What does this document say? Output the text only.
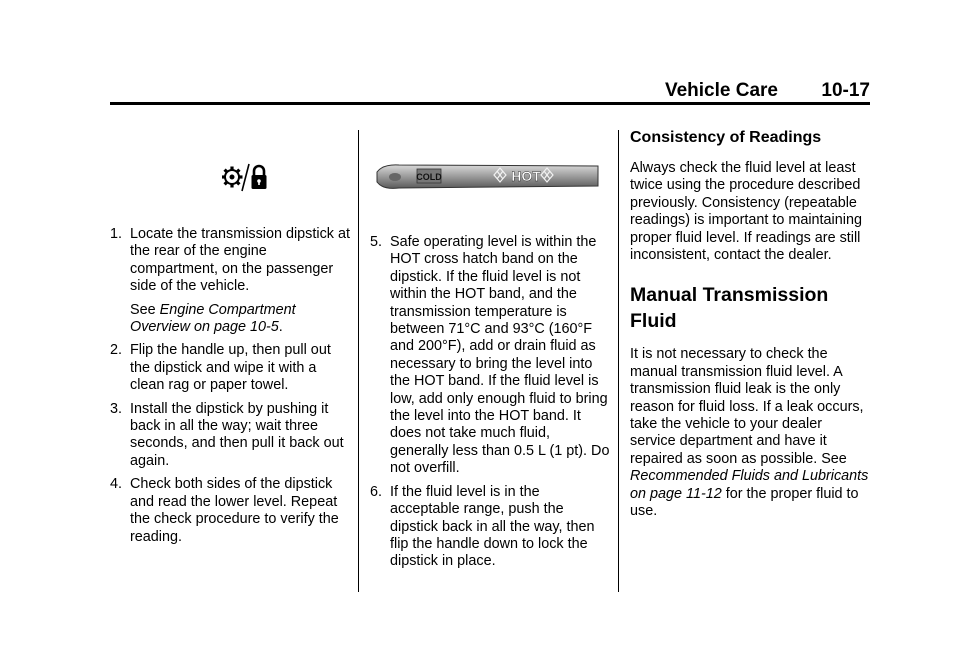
Vehicle Care 10-17
1. Locate the transmission dipstick at the rear of the engine compartment, on the passenger side of the vehicle.
See Engine Compartment Overview on page 10-5.
2. Flip the handle up, then pull out the dipstick and wipe it with a clean rag or paper towel.
3. Install the dipstick by pushing it back in all the way; wait three seconds, and then pull it back out again.
4. Check both sides of the dipstick and read the lower level. Repeat the check procedure to verify the reading.
COLD	HOT
5. Safe operating level is within the HOT cross hatch band on the dipstick. If the fluid level is not within the HOT band, and the transmission temperature is between 71°C and 93°C (160°F and 200°F), add or drain fluid as necessary to bring the level into the HOT band. If the fluid level is low, add only enough fluid to bring the level into the HOT band. It does not take much fluid, generally less than 0.5 L (1 pt). Do not overfill.
6. If the fluid level is in the acceptable range, push the dipstick back in all the way, then flip the handle down to lock the dipstick in place.
Consistency of Readings

Always check the fluid level at least twice using the procedure described previously. Consistency (repeatable readings) is important to maintaining proper fluid level. If readings are still inconsistent, contact the dealer.

Manual Transmission Fluid

It is not necessary to check the manual transmission fluid level. A transmission fluid leak is the only reason for fluid loss. If a leak occurs, take the vehicle to your dealer service department and have it repaired as soon as possible. See Recommended Fluids and Lubricants on page 11-12 for the proper fluid to use.
